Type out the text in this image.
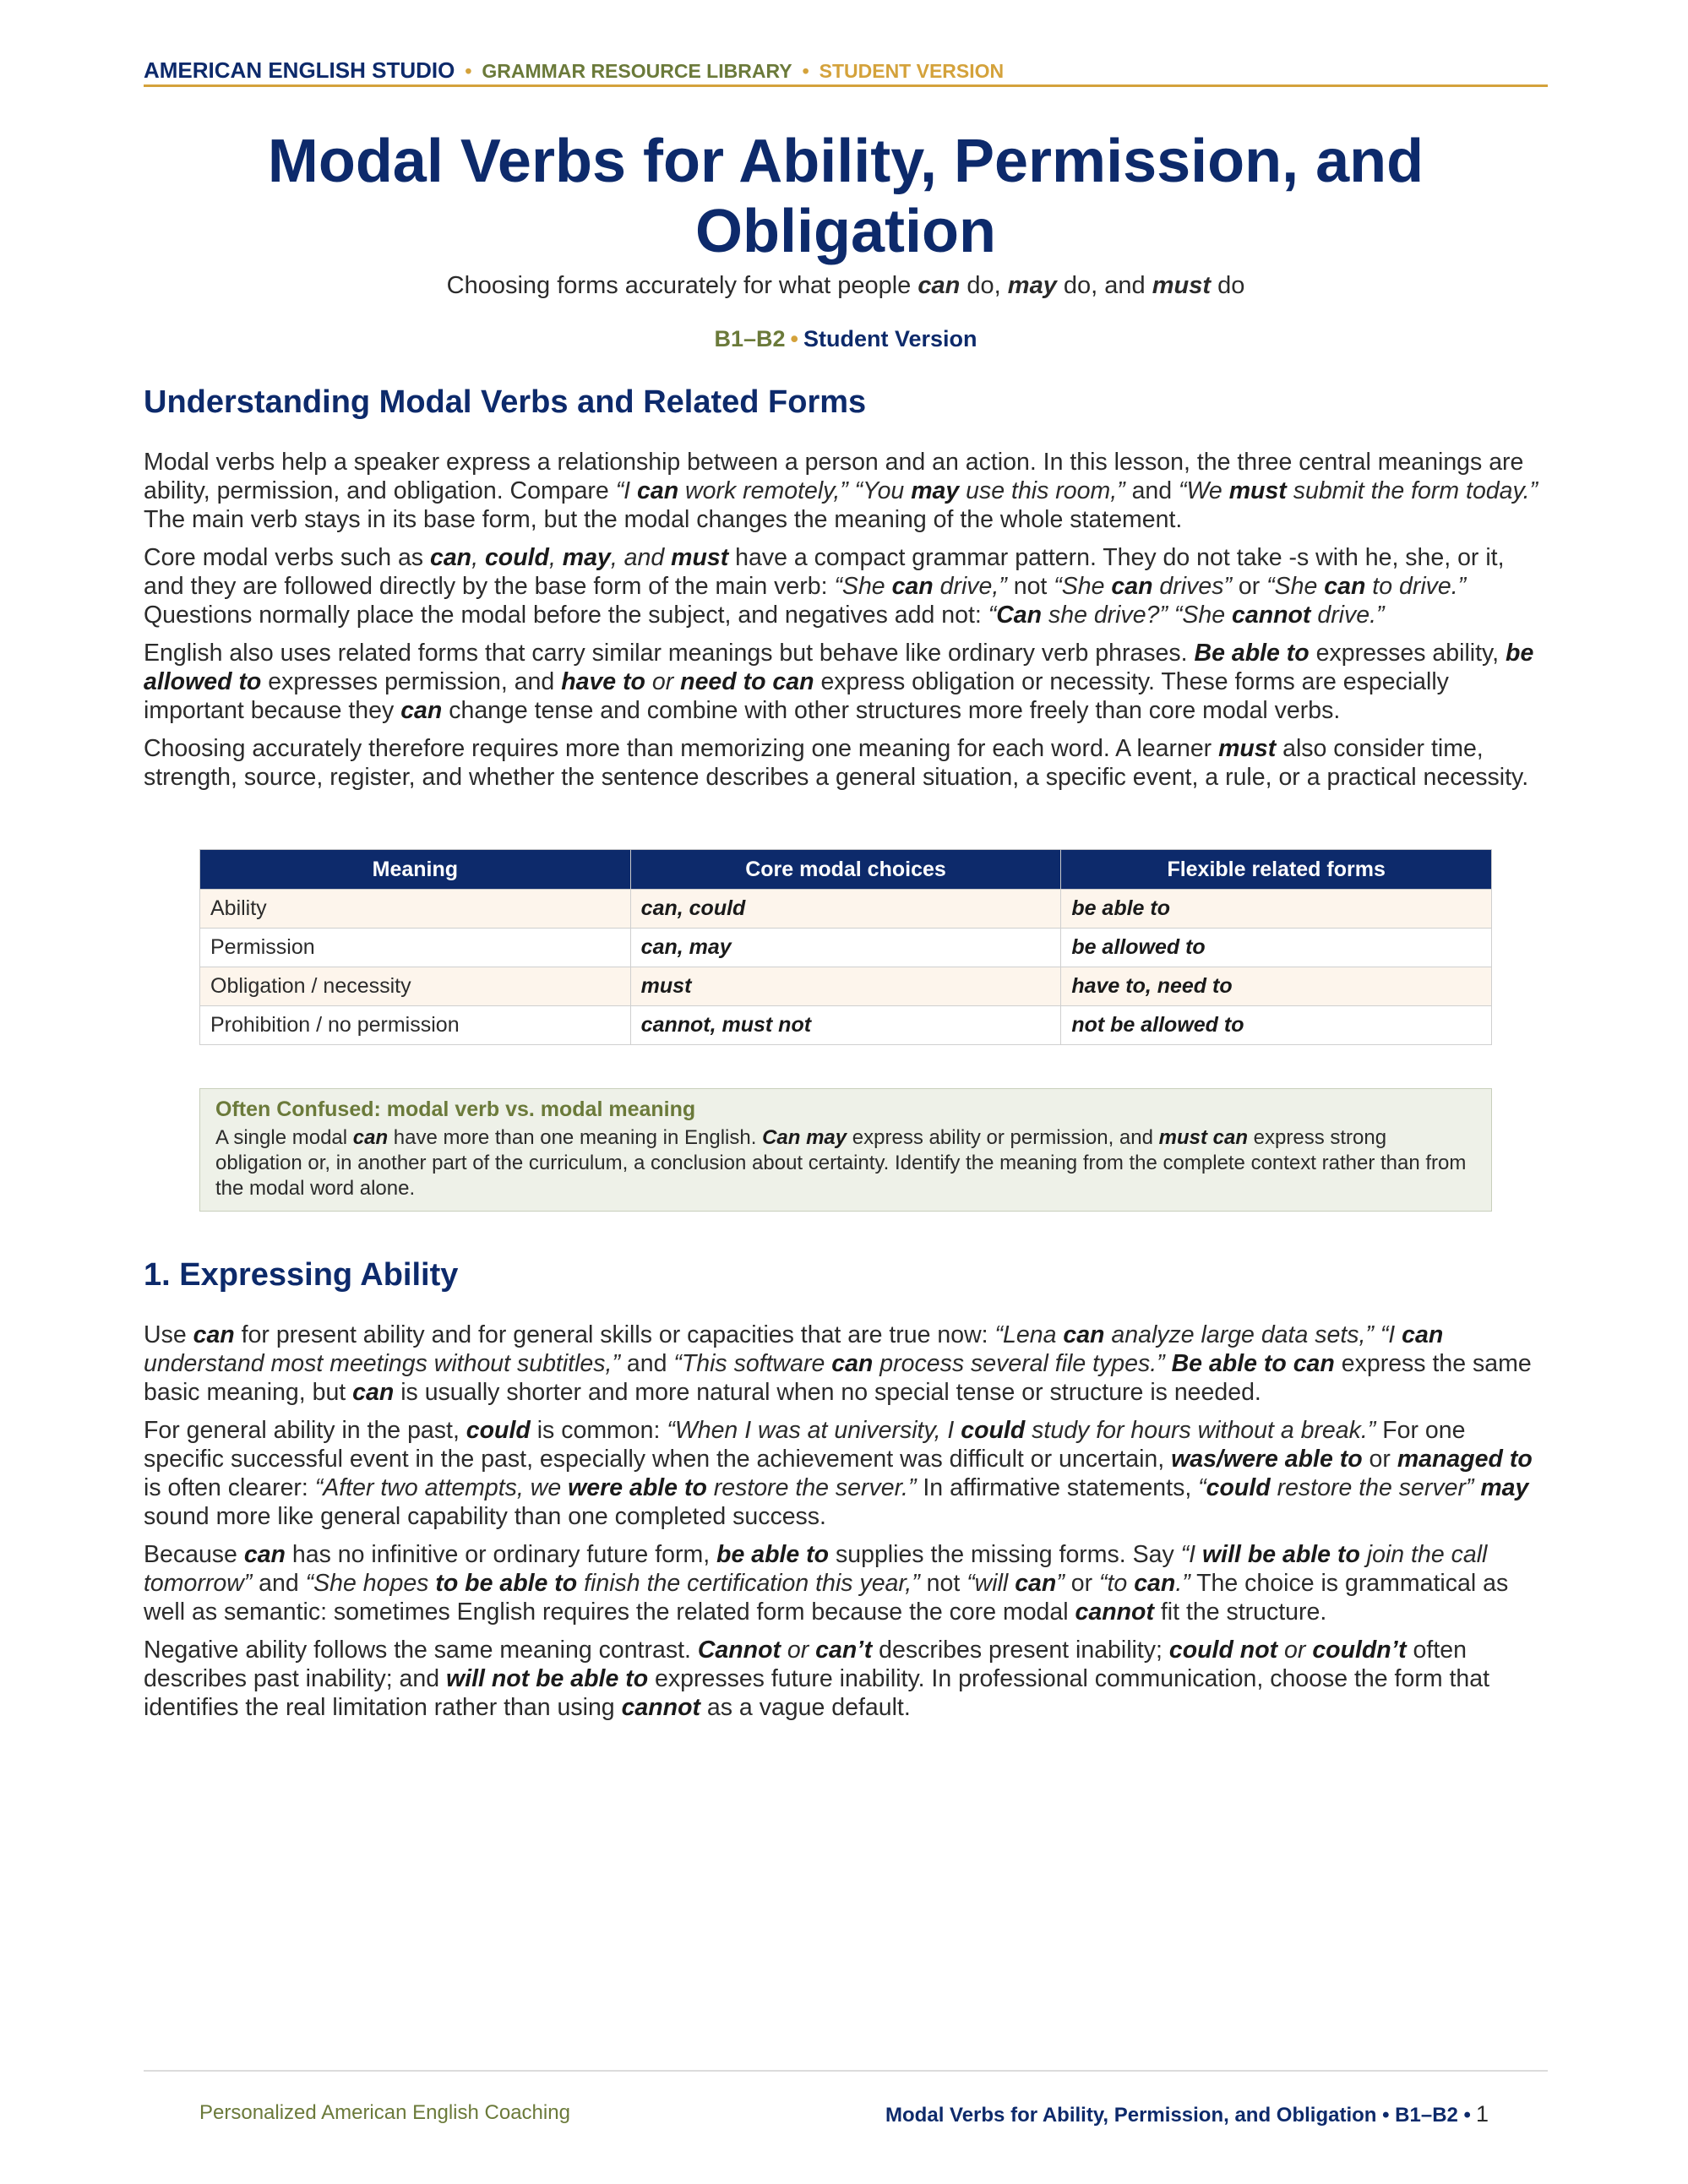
AMERICAN ENGLISH STUDIO • GRAMMAR RESOURCE LIBRARY • STUDENT VERSION
Modal Verbs for Ability, Permission, and Obligation

Choosing forms accurately for what people can do, may do, and must do

B1–B2 • Student Version

Understanding Modal Verbs and Related Forms

Modal verbs help a speaker express a relationship between a person and an action. In this lesson, the three central meanings are ability, permission, and obligation. Compare “I can work remotely,” “You may use this room,” and “We must submit the form today.” The main verb stays in its base form, but the modal changes the meaning of the whole statement.

Core modal verbs such as can, could, may, and must have a compact grammar pattern. They do not take -s with he, she, or it, and they are followed directly by the base form of the main verb: “She can drive,” not “She can drives” or “She can to drive.” Questions normally place the modal before the subject, and negatives add not: “Can she drive?” “She cannot drive.”

English also uses related forms that carry similar meanings but behave like ordinary verb phrases. Be able to expresses ability, be allowed to expresses permission, and have to or need to can express obligation or necessity. These forms are especially important because they can change tense and combine with other structures more freely than core modal verbs.

Choosing accurately therefore requires more than memorizing one meaning for each word. A learner must also consider time, strength, source, register, and whether the sentence describes a general situation, a specific event, a rule, or a practical necessity.

Meaning	Core modal choices	Flexible related forms
Ability	can, could	be able to
Permission	can, may	be allowed to
Obligation / necessity	must	have to, need to
Prohibition / no permission	cannot, must not	not be allowed to

Often Confused: modal verb vs. modal meaning

A single modal can have more than one meaning in English. Can may express ability or permission, and must can express strong obligation or, in another part of the curriculum, a conclusion about certainty. Identify the meaning from the complete context rather than from the modal word alone.

1. Expressing Ability

Use can for present ability and for general skills or capacities that are true now: “Lena can analyze large data sets,” “I can understand most meetings without subtitles,” and “This software can process several file types.” Be able to can express the same basic meaning, but can is usually shorter and more natural when no special tense or structure is needed.

For general ability in the past, could is common: “When I was at university, I could study for hours without a break.” For one specific successful event in the past, especially when the achievement was difficult or uncertain, was/were able to or managed to is often clearer: “After two attempts, we were able to restore the server.” In affirmative statements, “could restore the server” may sound more like general capability than one completed success.

Because can has no infinitive or ordinary future form, be able to supplies the missing forms. Say “I will be able to join the call tomorrow” and “She hopes to be able to finish the certification this year,” not “will can” or “to can.” The choice is grammatical as well as semantic: sometimes English requires the related form because the core modal cannot fit the structure.

Negative ability follows the same meaning contrast. Cannot or can’t describes present inability; could not or couldn’t often describes past inability; and will not be able to expresses future inability. In professional communication, choose the form that identifies the real limitation rather than using cannot as a vague default.

Personalized American English Coaching	Modal Verbs for Ability, Permission, and Obligation • B1–B2 • 1
